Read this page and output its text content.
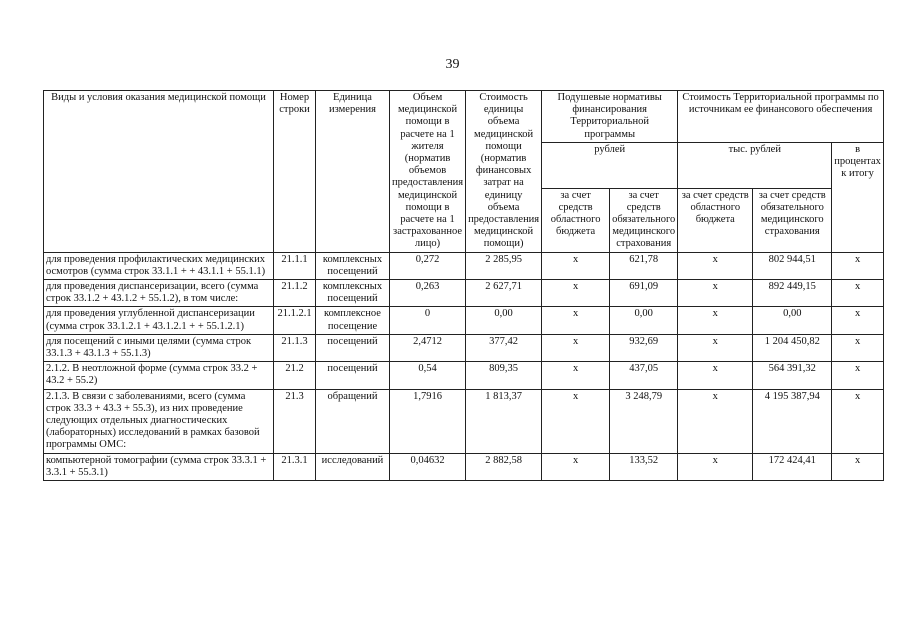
39
Виды и условия оказания медицинской помощи	Номер строки	Единица измерения	Объем медицинской помощи в расчете на 1 жителя (норматив объемов предоставления медицинской помощи в расчете на 1 застрахованное лицо)	Стоимость единицы объема медицинской помощи (норматив финансовых затрат на единицу объема предоставления медицинской помощи)	Подушевые нормативы финансирования Территориальной программы		Стоимость Территориальной программы по источникам ее финансового обеспечения		
					рублей		тыс. рублей		в процентах к итогу
					за счет средств областного бюджета	за счет средств обязательного медицинского страхования	за счет средств областного бюджета	за счет средств обязательного медицинского страхования	
для проведения профилактических медицинских осмотров (сумма строк 33.1.1 + + 43.1.1 + 55.1.1)	21.1.1	комплексных посещений	0,272	2 285,95	x	621,78	x	802 944,51	x
для проведения диспансеризации, всего (сумма строк 33.1.2 + 43.1.2 + 55.1.2), в том числе:	21.1.2	комплексных посещений	0,263	2 627,71	x	691,09	x	892 449,15	x
для проведения углубленной диспансеризации (сумма строк 33.1.2.1 + 43.1.2.1 + + 55.1.2.1)	21.1.2.1	комплексное посещение	0	0,00	x	0,00	x	0,00	x
для посещений с иными целями (сумма строк 33.1.3 + 43.1.3 + 55.1.3)	21.1.3	посещений	2,4712	377,42	x	932,69	x	1 204 450,82	x
2.1.2. В неотложной форме (сумма строк 33.2 + 43.2 + 55.2)	21.2	посещений	0,54	809,35	x	437,05	x	564 391,32	x
2.1.3. В связи с заболеваниями, всего (сумма строк 33.3 + 43.3 + 55.3), из них проведение следующих отдельных диагностических (лабораторных) исследований в рамках базовой программы ОМС:	21.3	обращений	1,7916	1 813,37	x	3 248,79	x	4 195 387,94	x
компьютерной томографии (сумма строк 33.3.1 + 3.3.1 + 55.3.1)	21.3.1	исследований	0,04632	2 882,58	x	133,52	x	172 424,41	x
